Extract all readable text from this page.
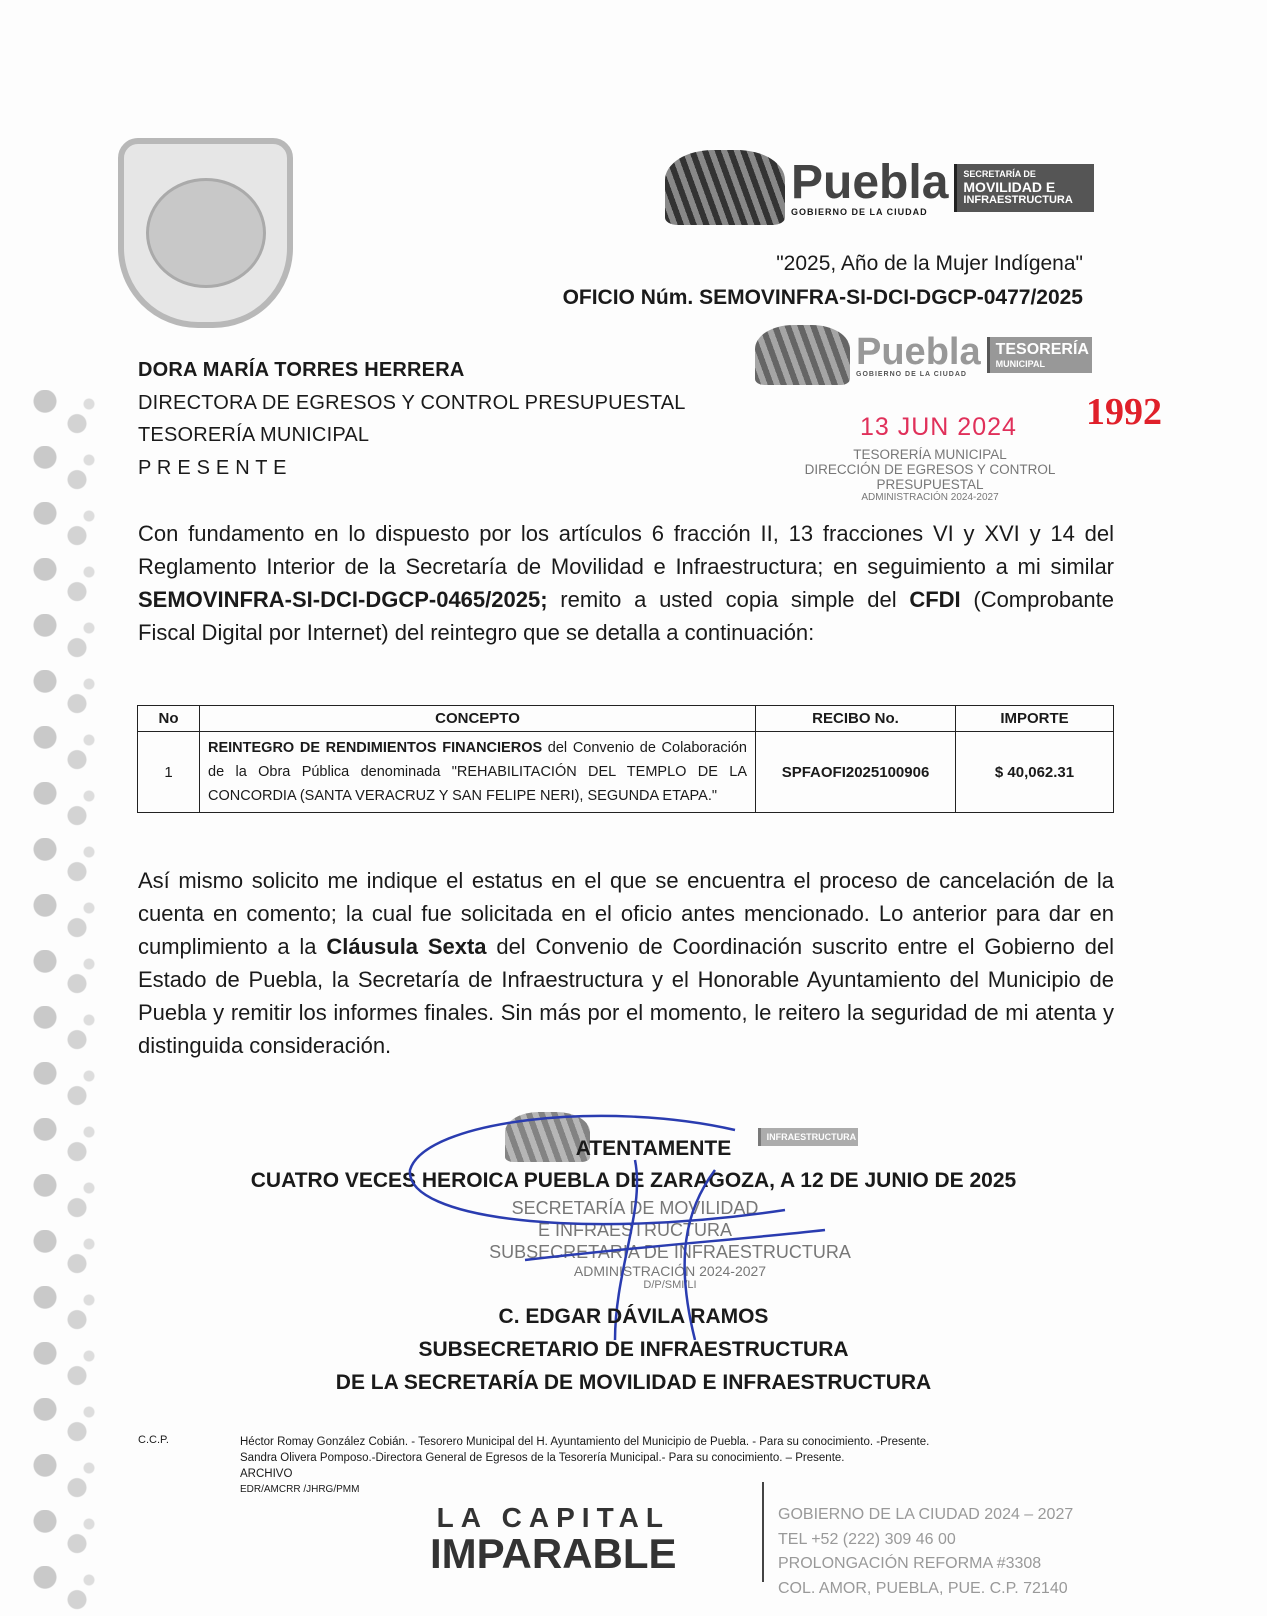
Puebla
GOBIERNO DE LA CIUDAD
SECRETARÍA DE
MOVILIDAD E
INFRAESTRUCTURA
"2025, Año de la Mujer Indígena"
OFICIO Núm. SEMOVINFRA-SI-DCI-DGCP-0477/2025
Puebla
GOBIERNO DE LA CIUDAD
TESORERÍA
MUNICIPAL
1992
13 JUN 2024
TESORERÍA MUNICIPAL
DIRECCIÓN DE EGRESOS Y CONTROL
PRESUPUESTAL
ADMINISTRACIÓN 2024-2027
DORA MARÍA TORRES HERRERA
DIRECTORA DE EGRESOS Y CONTROL PRESUPUESTAL
TESORERÍA MUNICIPAL
P R E S E N T E

Con fundamento en lo dispuesto por los artículos 6 fracción II, 13 fracciones VI y XVI y 14 del Reglamento Interior de la Secretaría de Movilidad e Infraestructura; en seguimiento a mi similar SEMOVINFRA-SI-DCI-DGCP-0465/2025; remito a usted copia simple del CFDI (Comprobante Fiscal Digital por Internet) del reintegro que se detalla a continuación:

No	CONCEPTO	RECIBO No.	IMPORTE
1	REINTEGRO DE RENDIMIENTOS FINANCIEROS del Convenio de Colaboración de la Obra Pública denominada "REHABILITACIÓN DEL TEMPLO DE LA CONCORDIA (SANTA VERACRUZ Y SAN FELIPE NERI), SEGUNDA ETAPA."	SPFAOFI2025100906	$ 40,062.31

Así mismo solicito me indique el estatus en el que se encuentra el proceso de cancelación de la cuenta en comento; la cual fue solicitada en el oficio antes mencionado. Lo anterior para dar en cumplimiento a la Cláusula Sexta del Convenio de Coordinación suscrito entre el Gobierno del Estado de Puebla, la Secretaría de Infraestructura y el Honorable Ayuntamiento del Municipio de Puebla y remitir los informes finales. Sin más por el momento, le reitero la seguridad de mi atenta y distinguida consideración.

INFRAESTRUCTURA
ATENTAMENTE
CUATRO VECES HEROICA PUEBLA DE ZARAGOZA, A 12 DE JUNIO DE 2025
SECRETARÍA DE MOVILIDAD
E INFRAESTRUCTURA
SUBSECRETARIA DE INFRAESTRUCTURA
ADMINISTRACIÓN 2024-2027
D/P/SMI/LI
C. EDGAR DÁVILA RAMOS
SUBSECRETARIO DE INFRAESTRUCTURA
DE LA SECRETARÍA DE MOVILIDAD E INFRAESTRUCTURA
C.C.P.	Héctor Romay González Cobián. - Tesorero Municipal del H. Ayuntamiento del Municipio de Puebla. - Para su conocimiento. -Presente.
Sandra Olivera Pomposo.-Directora General de Egresos de la Tesorería Municipal.- Para su conocimiento. – Presente.
ARCHIVO
EDR/AMCRR /JHRG/PMM
LA CAPITAL
IMPARABLE
GOBIERNO DE LA CIUDAD 2024 – 2027
TEL +52 (222) 309 46 00
PROLONGACIÓN REFORMA #3308
COL. AMOR, PUEBLA, PUE. C.P. 72140
